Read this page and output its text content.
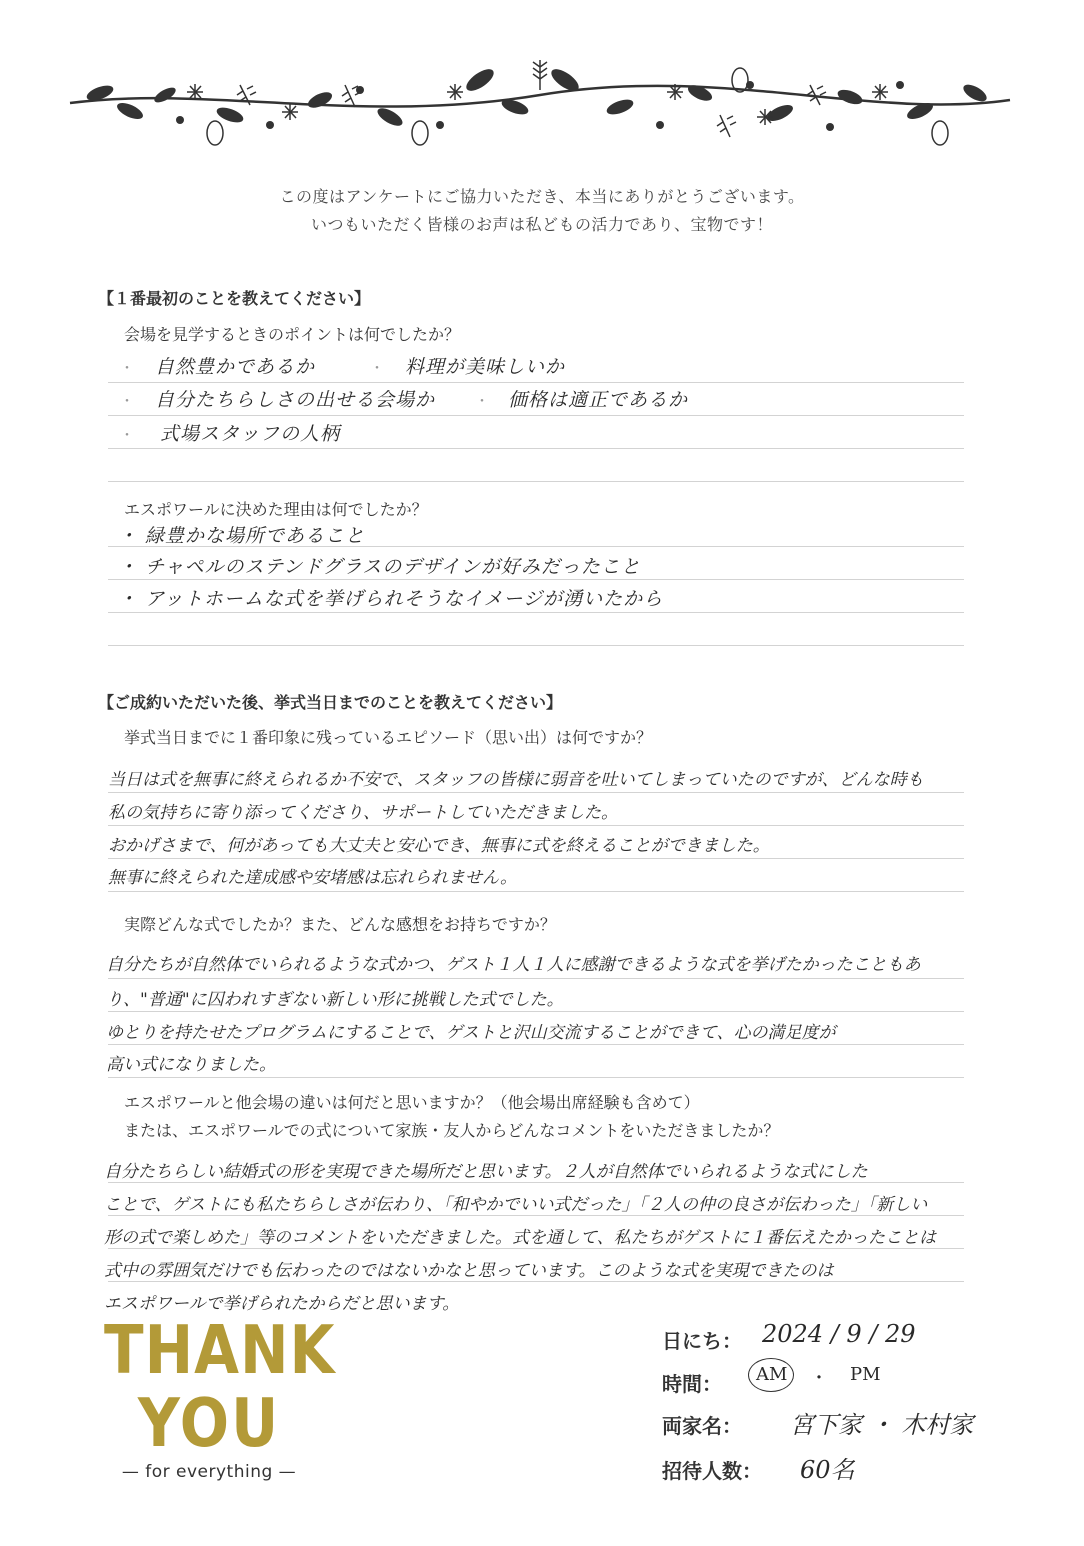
この度はアンケートにご協力いただき、本当にありがとうございます。
いつもいただく皆様のお声は私どもの活力であり、宝物です！
【１番最初のことを教えてください】
会場を見学するときのポイントは何でしたか？
・ 自然豊かであるか	・ 料理が美味しいか
・ 自分たちらしさの出せる会場か	・ 価格は適正であるか
・ 式場スタッフの人柄
エスポワールに決めた理由は何でしたか？
・ 緑豊かな場所であること
・ チャペルのステンドグラスのデザインが好みだったこと
・ アットホームな式を挙げられそうなイメージが湧いたから
【ご成約いただいた後、挙式当日までのことを教えてください】
挙式当日までに１番印象に残っているエピソード（思い出）は何ですか？
当日は式を無事に終えられるか不安で、スタッフの皆様に弱音を吐いてしまっていたのですが、どんな時も
私の気持ちに寄り添ってくださり、サポートしていただきました。
おかげさまで、何があっても大丈夫と安心でき、無事に式を終えることができました。
無事に終えられた達成感や安堵感は忘れられません。
実際どんな式でしたか？また、どんな感想をお持ちですか？
自分たちが自然体でいられるような式かつ、ゲスト１人１人に感謝できるような式を挙げたかったこともあ
り、"普通"に囚われすぎない新しい形に挑戦した式でした。
ゆとりを持たせたプログラムにすることで、ゲストと沢山交流することができて、心の満足度が
高い式になりました。
エスポワールと他会場の違いは何だと思いますか？（他会場出席経験も含めて）
または、エスポワールでの式について家族・友人からどんなコメントをいただきましたか？
自分たちらしい結婚式の形を実現できた場所だと思います。２人が自然体でいられるような式にした
ことで、ゲストにも私たちらしさが伝わり、「和やかでいい式だった」「２人の仲の良さが伝わった」「新しい
形の式で楽しめた」等のコメントをいただきました。式を通して、私たちがゲストに１番伝えたかったことは
式中の雰囲気だけでも伝わったのではないかなと思っています。このような式を実現できたのは
エスポワールで挙げられたからだと思います。
THANK
YOU
— for everything —
日にち： 2024 / 9 / 29
時間： AM ・ PM
両家名： 宮下家 ・ 木村家
招待人数： 60名
